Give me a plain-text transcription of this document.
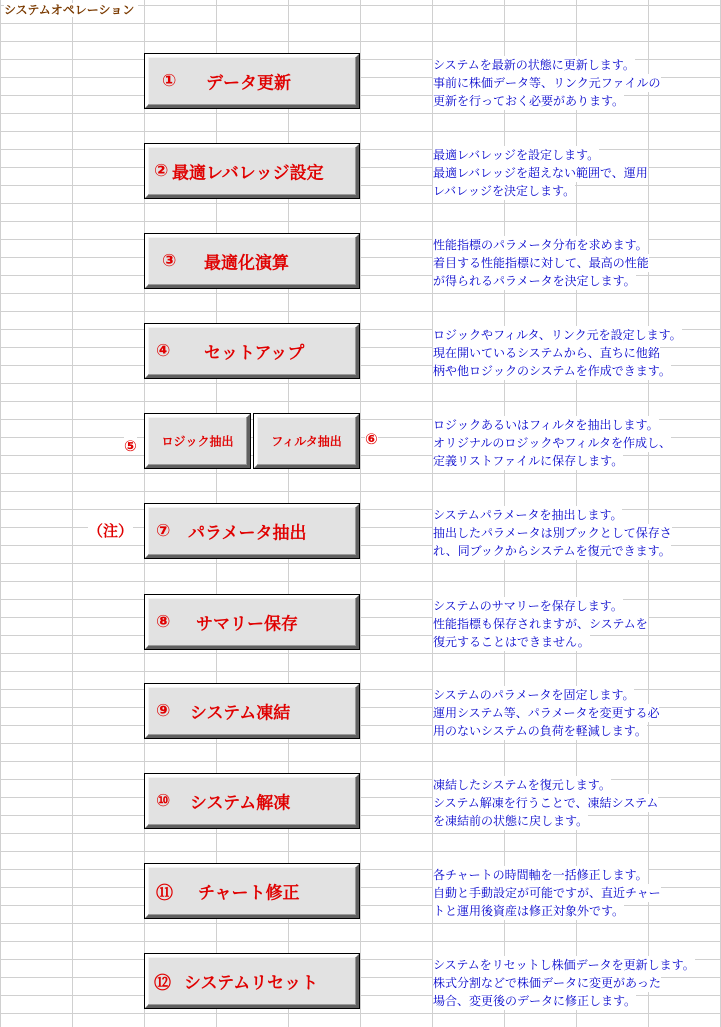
システムオペレーション
① データ更新
システムを最新の状態に更新します。 事前に株価データ等、リンク元ファイルの 更新を行っておく必要があります。
② 最適レバレッジ設定
最適レバレッジを設定します。 最適レバレッジを超えない範囲で、運用 レバレッジを決定します。
③ 最適化演算
性能指標のパラメータ分布を求めます。 着目する性能指標に対して、最高の性能 が得られるパラメータを決定します。
④ セットアップ
ロジックやフィルタ、リンク元を設定します。 現在開いているシステムから、直ちに他銘 柄や他ロジックのシステムを作成できます。
⑤ ロジック抽出	フィルタ抽出 ⑥
ロジックあるいはフィルタを抽出します。 オリジナルのロジックやフィルタを作成し、 定義リストファイルに保存します。
（注） ⑦ パラメータ抽出
システムパラメータを抽出します。 抽出したパラメータは別ブックとして保存さ れ、同ブックからシステムを復元できます。
⑧ サマリー保存
システムのサマリーを保存します。 性能指標も保存されますが、システムを 復元することはできません。
⑨ システム凍結
システムのパラメータを固定します。 運用システム等、パラメータを変更する必 用のないシステムの負荷を軽減します。
⑩ システム解凍
凍結したシステムを復元します。 システム解凍を行うことで、凍結システム を凍結前の状態に戻します。
⑪ チャート修正
各チャートの時間軸を一括修正します。 自動と手動設定が可能ですが、直近チャー トと運用後資産は修正対象外です。
⑫ システムリセット
システムをリセットし株価データを更新します。 株式分割などで株価データに変更があった 場合、変更後のデータに修正します。
